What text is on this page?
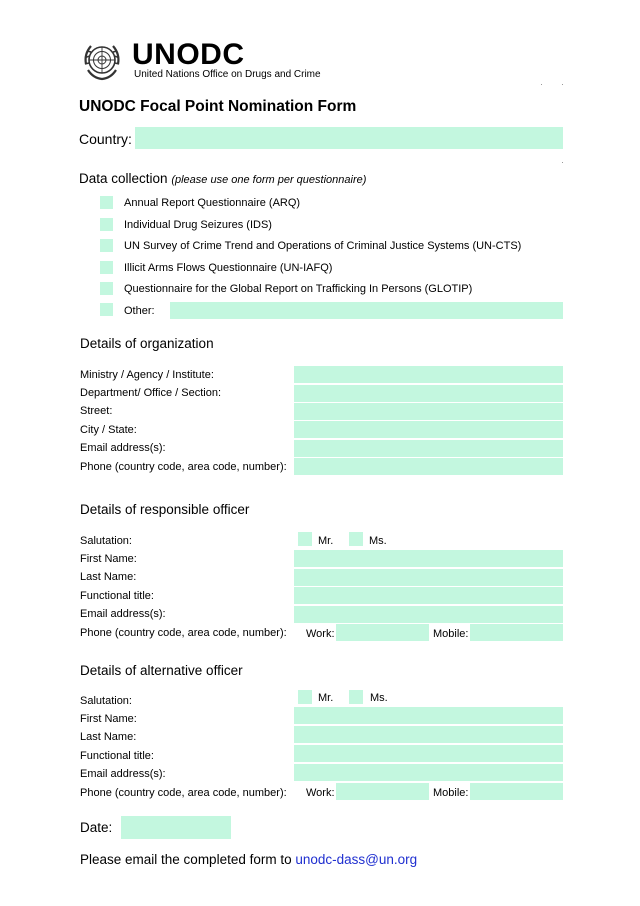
UNODC
United Nations Office on Drugs and Crime
UNODC Focal Point Nomination Form
Country:
Data collection (please use one form per questionnaire)
Annual Report Questionnaire (ARQ)
Individual Drug Seizures (IDS)
UN Survey of Crime Trend and Operations of Criminal Justice Systems (UN-CTS)
Illicit Arms Flows Questionnaire (UN-IAFQ)
Questionnaire for the Global Report on Trafficking In Persons (GLOTIP)
Other:
Details of organization
Ministry / Agency / Institute:
Department/ Office / Section:
Street:
City / State:
Email address(s):
Phone (country code, area code, number):
Details of responsible officer
Salutation:	Mr.	Ms.
First Name:
Last Name:
Functional title:
Email address(s):
Phone (country code, area code, number): Work:	Mobile:
Details of alternative officer
Salutation:	Mr.	Ms.
First Name:
Last Name:
Functional title:
Email address(s):
Phone (country code, area code, number): Work:	Mobile:
Date:
Please email the completed form to unodc-dass@un.org
